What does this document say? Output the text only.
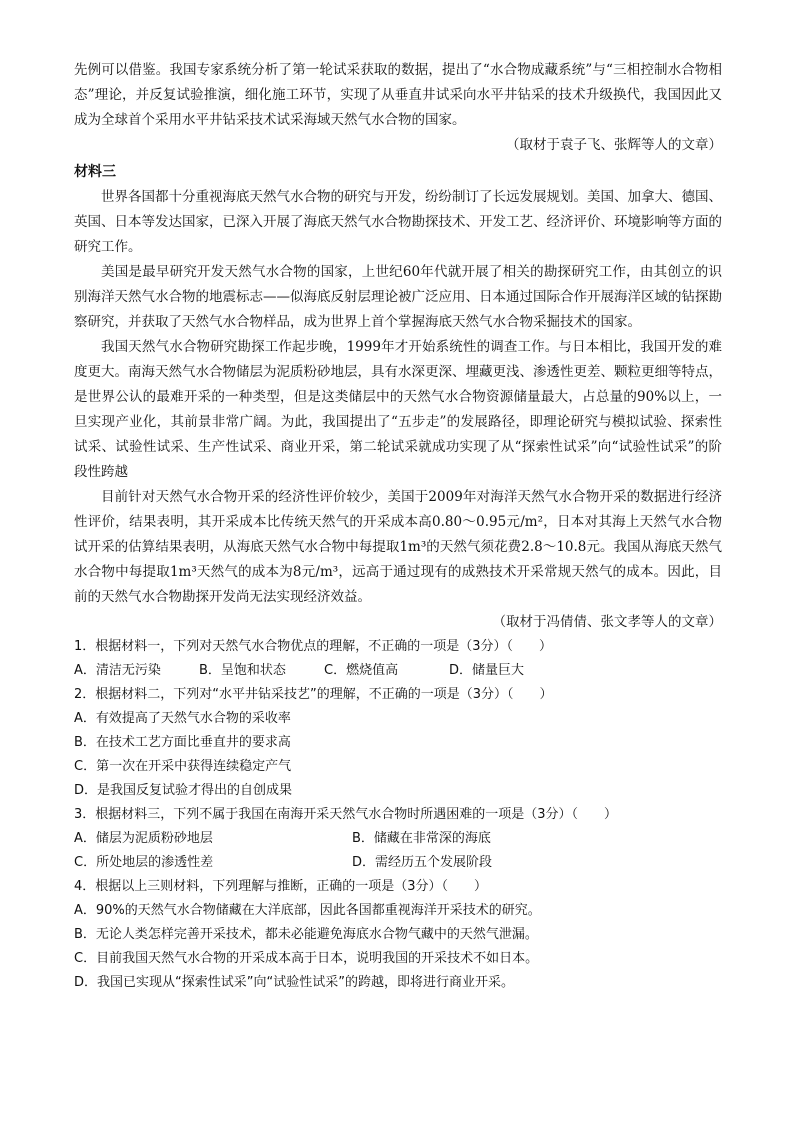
先例可以借鉴。我国专家系统分析了第一轮试采获取的数据，提出了“水合物成藏系统”与“三相控制水合物相态”理论，并反复试验推演，细化施工环节，实现了从垂直井试采向水平井钻采的技术升级换代，我国因此又成为全球首个采用水平井钻采技术试采海域天然气水合物的国家。

（取材于袁子飞、张辉等人的文章）

材料三

世界各国都十分重视海底天然气水合物的研究与开发，纷纷制订了长远发展规划。美国、加拿大、德国、英国、日本等发达国家，已深入开展了海底天然气水合物勘探技术、开发工艺、经济评价、环境影响等方面的研究工作。

美国是最早研究开发天然气水合物的国家，上世纪60年代就开展了相关的勘探研究工作，由其创立的识别海洋天然气水合物的地震标志——似海底反射层理论被广泛应用、日本通过国际合作开展海洋区域的钻探勘察研究，并获取了天然气水合物样品，成为世界上首个掌握海底天然气水合物采掘技术的国家。

我国天然气水合物研究勘探工作起步晚，1999年才开始系统性的调查工作。与日本相比，我国开发的难度更大。南海天然气水合物储层为泥质粉砂地层，具有水深更深、埋藏更浅、渗透性更差、颗粒更细等特点，是世界公认的最难开采的一种类型，但是这类储层中的天然气水合物资源储量最大，占总量的90%以上，一旦实现产业化，其前景非常广阔。为此，我国提出了“五步走”的发展路径，即理论研究与模拟试验、探索性试采、试验性试采、生产性试采、商业开采，第二轮试采就成功实现了从“探索性试采”向“试验性试采”的阶段性跨越

目前针对天然气水合物开采的经济性评价较少，美国于2009年对海洋天然气水合物开采的数据进行经济性评价，结果表明，其开采成本比传统天然气的开采成本高0.80～0.95元/m²，日本对其海上天然气水合物试开采的估算结果表明，从海底天然气水合物中每提取1m³的天然气须花费2.8～10.8元。我国从海底天然气水合物中每提取1m³天然气的成本为8元/m³，远高于通过现有的成熟技术开采常规天然气的成本。因此，目前的天然气水合物勘探开发尚无法实现经济效益。

（取材于冯倩倩、张文孝等人的文章）

1．根据材料一，下列对天然气水合物优点的理解，不正确的一项是（3分）（　　）

A．清洁无污染	B．呈饱和状态	C．燃烧值高	D．储量巨大

2．根据材料二，下列对“水平井钻采技艺”的理解，不正确的一项是（3分）（　　）

A．有效提高了天然气水合物的采收率

B．在技术工艺方面比垂直井的要求高

C．第一次在开采中获得连续稳定产气

D．是我国反复试验才得出的自创成果

3．根据材料三，下列不属于我国在南海开采天然气水合物时所遇困难的一项是（3分）（　　）

A．储层为泥质粉砂地层	B．储藏在非常深的海底
C．所处地层的渗透性差	D．需经历五个发展阶段

4．根据以上三则材料，下列理解与推断，正确的一项是（3分）（　　）

A．90%的天然气水合物储藏在大洋底部，因此各国都重视海洋开采技术的研究。

B．无论人类怎样完善开采技术，都未必能避免海底水合物气藏中的天然气泄漏。

C．目前我国天然气水合物的开采成本高于日本，说明我国的开采技术不如日本。

D．我国已实现从“探索性试采”向“试验性试采”的跨越，即将进行商业开采。
